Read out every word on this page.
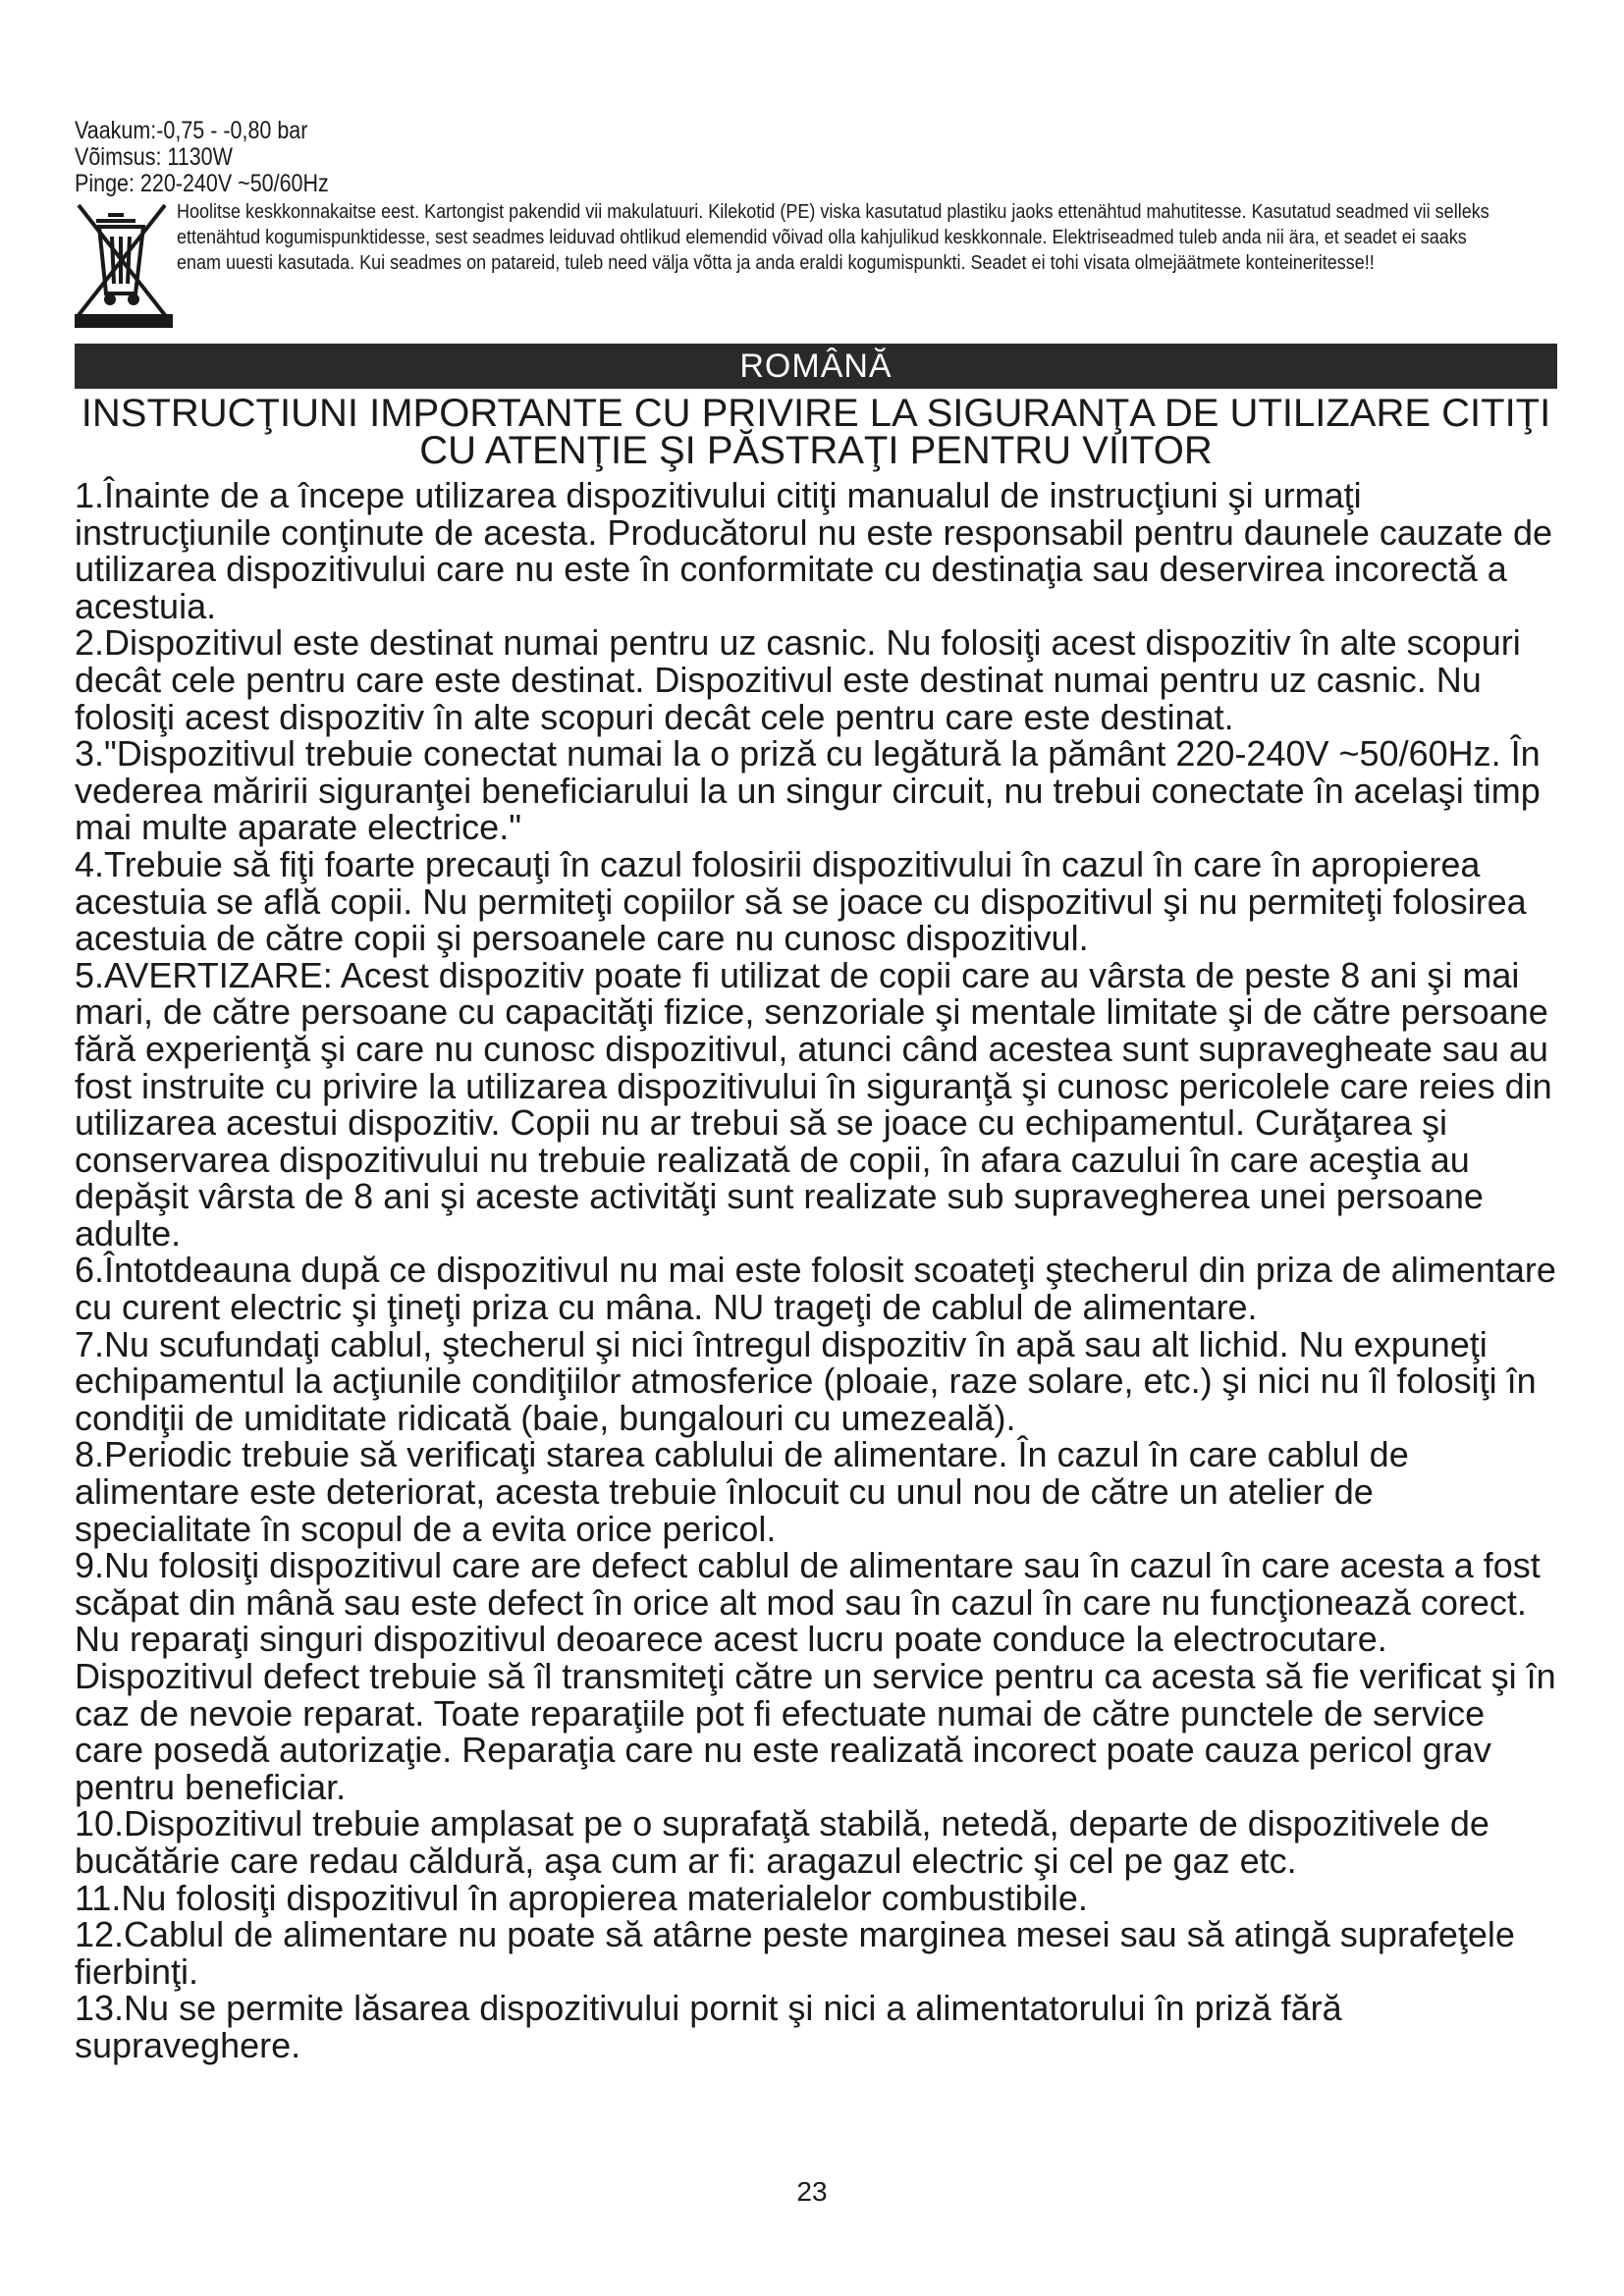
Vaakum:-0,75 - -0,80 bar
Võimsus: 1130W
Pinge: 220-240V ~50/60Hz
Hoolitse keskkonnakaitse eest. Kartongist pakendid vii makulatuuri. Kilekotid (PE) viska kasutatud plastiku jaoks ettenähtud mahutitesse. Kasutatud seadmed vii selleks ettenähtud kogumispunktidesse, sest seadmes leiduvad ohtlikud elemendid võivad olla kahjulikud keskkonnale. Elektriseadmed tuleb anda nii ära, et seadet ei saaks enam uuesti kasutada. Kui seadmes on patareid, tuleb need välja võtta ja anda eraldi kogumispunkti. Seadet ei tohi visata olmejäätmete konteineritesse!!
ROMÂNĂ
INSTRUCŢIUNI IMPORTANTE CU PRIVIRE LA SIGURANŢA DE UTILIZARE CITIŢI CU ATENŢIE ŞI PĂSTRAŢI PENTRU VIITOR

1.Înainte de a începe utilizarea dispozitivului citiţi manualul de instrucţiuni şi urmaţi instrucţiunile conţinute de acesta. Producătorul nu este responsabil pentru daunele cauzate de utilizarea dispozitivului care nu este în conformitate cu destinaţia sau deservirea incorectă a acestuia.

2.Dispozitivul este destinat numai pentru uz casnic. Nu folosiţi acest dispozitiv în alte scopuri decât cele pentru care este destinat. Dispozitivul este destinat numai pentru uz casnic. Nu folosiţi acest dispozitiv în alte scopuri decât cele pentru care este destinat.

3."Dispozitivul trebuie conectat numai la o priză cu legătură la pământ 220-240V ~50/60Hz. În vederea măririi siguranţei beneficiarului la un singur circuit, nu trebui conectate în acelaşi timp mai multe aparate electrice."

4.Trebuie să fiţi foarte precauţi în cazul folosirii dispozitivului în cazul în care în apropierea acestuia se află copii. Nu permiteţi copiilor să se joace cu dispozitivul şi nu permiteţi folosirea acestuia de către copii şi persoanele care nu cunosc dispozitivul.

5.AVERTIZARE: Acest dispozitiv poate fi utilizat de copii care au vârsta de peste 8 ani şi mai mari, de către persoane cu capacităţi fizice, senzoriale şi mentale limitate şi de către persoane fără experienţă şi care nu cunosc dispozitivul, atunci când acestea sunt supravegheate sau au fost instruite cu privire la utilizarea dispozitivului în siguranţă şi cunosc pericolele care reies din utilizarea acestui dispozitiv. Copii nu ar trebui să se joace cu echipamentul. Curăţarea şi conservarea dispozitivului nu trebuie realizată de copii, în afara cazului în care aceştia au depăşit vârsta de 8 ani şi aceste activităţi sunt realizate sub supravegherea unei persoane adulte.

6.Întotdeauna după ce dispozitivul nu mai este folosit scoateţi ştecherul din priza de alimentare cu curent electric şi ţineţi priza cu mâna. NU trageţi de cablul de alimentare.

7.Nu scufundaţi cablul, ştecherul şi nici întregul dispozitiv în apă sau alt lichid. Nu expuneţi echipamentul la acţiunile condiţiilor atmosferice (ploaie, raze solare, etc.) şi nici nu îl folosiţi în condiţii de umiditate ridicată (baie, bungalouri cu umezeală).

8.Periodic trebuie să verificaţi starea cablului de alimentare. În cazul în care cablul de alimentare este deteriorat, acesta trebuie înlocuit cu unul nou de către un atelier de specialitate în scopul de a evita orice pericol.

9.Nu folosiţi dispozitivul care are defect cablul de alimentare sau în cazul în care acesta a fost scăpat din mână sau este defect în orice alt mod sau în cazul în care nu funcţionează corect. Nu reparaţi singuri dispozitivul deoarece acest lucru poate conduce la electrocutare. Dispozitivul defect trebuie să îl transmiteţi către un service pentru ca acesta să fie verificat şi în caz de nevoie reparat. Toate reparaţiile pot fi efectuate numai de către punctele de service care posedă autorizaţie. Reparaţia care nu este realizată incorect poate cauza pericol grav pentru beneficiar.

10.Dispozitivul trebuie amplasat pe o suprafaţă stabilă, netedă, departe de dispozitivele de bucătărie care redau căldură, aşa cum ar fi: aragazul electric şi cel pe gaz etc.

11.Nu folosiţi dispozitivul în apropierea materialelor combustibile.

12.Cablul de alimentare nu poate să atârne peste marginea mesei sau să atingă suprafeţele fierbinţi.

13.Nu se permite lăsarea dispozitivului pornit şi nici a alimentatorului în priză fără supraveghere.

23
